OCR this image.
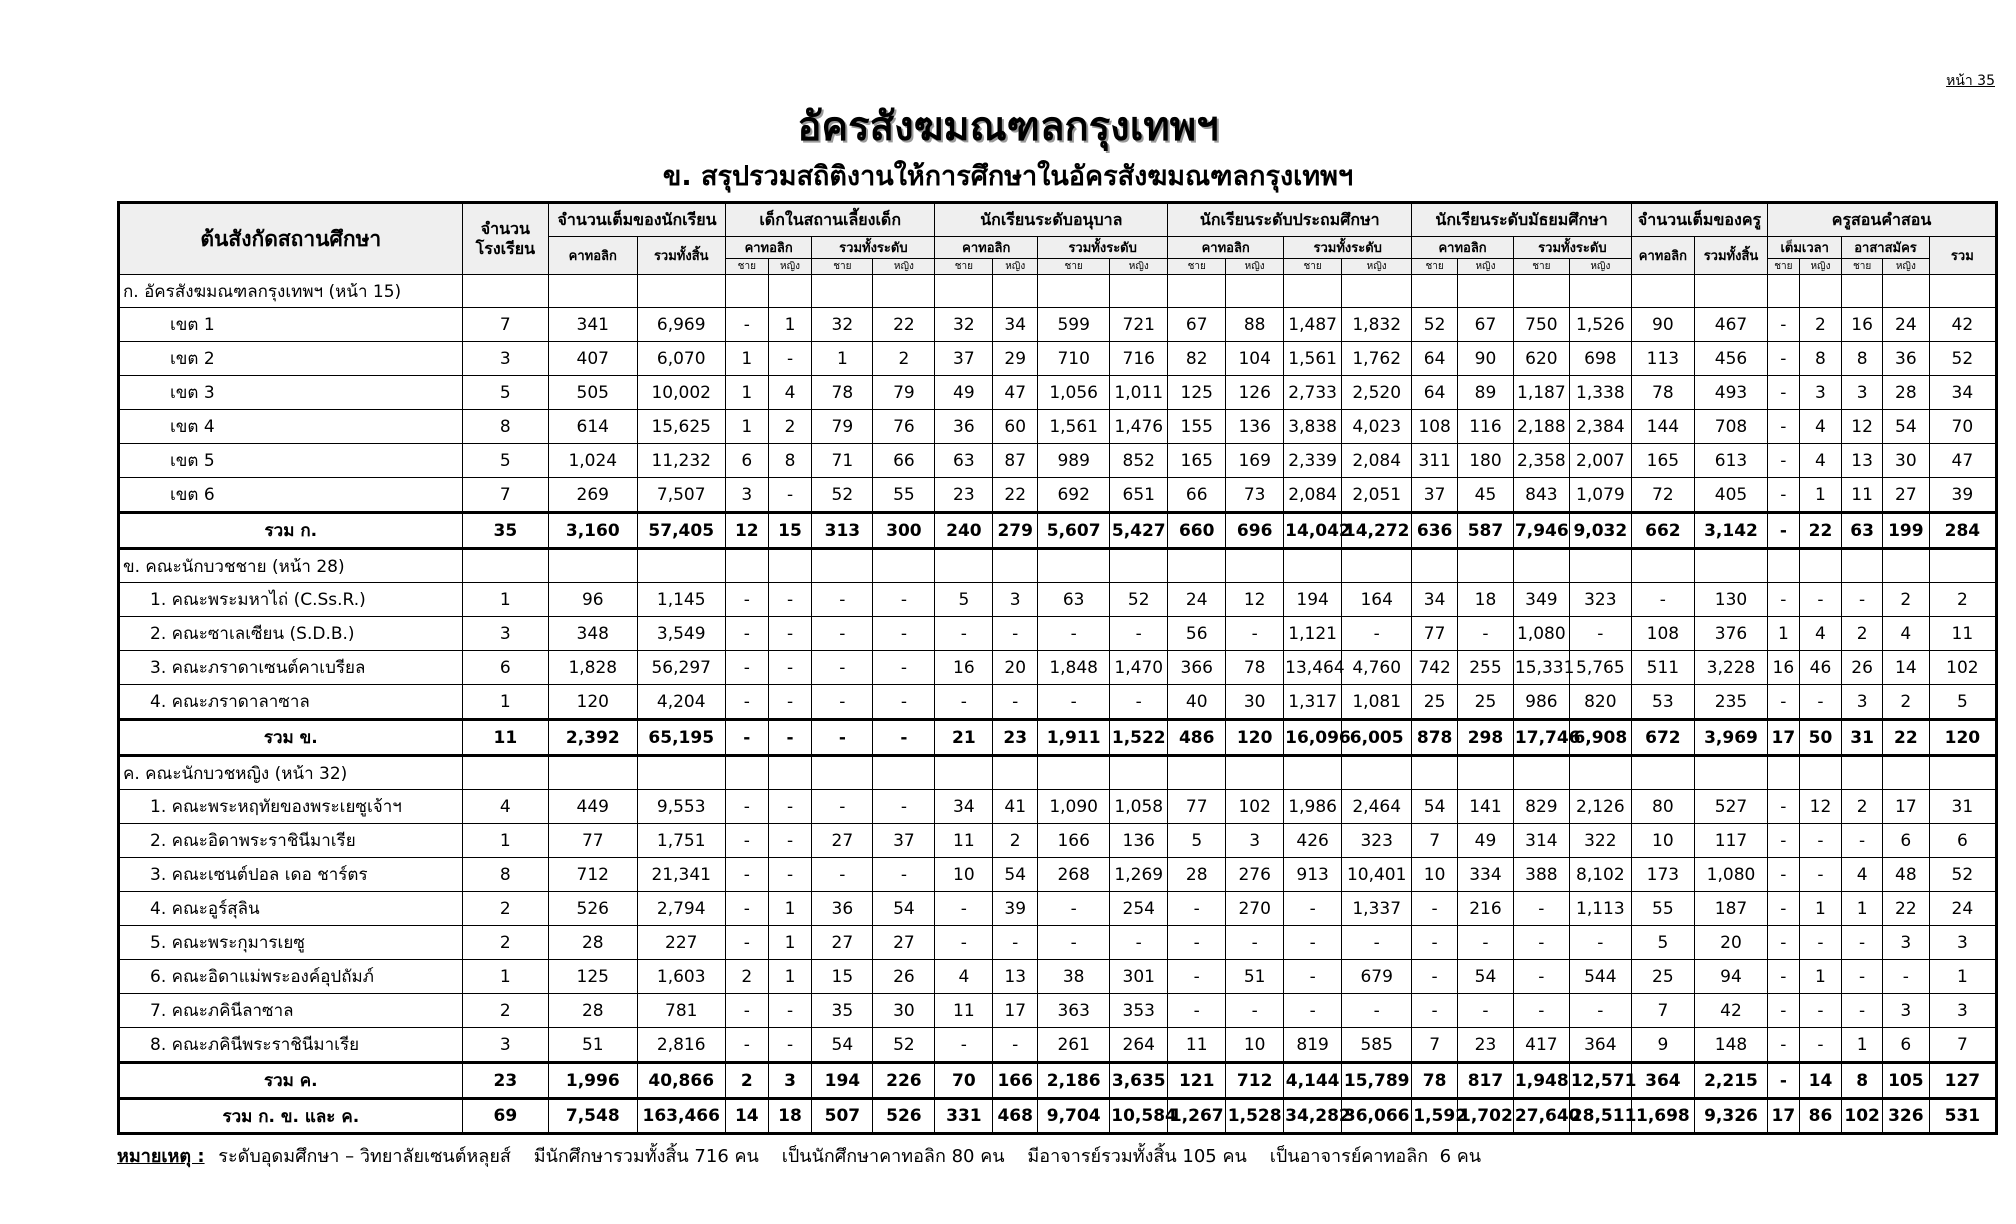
หน้า 35
อัครสังฆมณฑลกรุงเทพฯ
ข. สรุปรวมสถิติงานให้การศึกษาในอัครสังฆมณฑลกรุงเทพฯ
ต้นสังกัดสถานศึกษา	จำนวนโรงเรียน	จำนวนเต็มของนักเรียน		เด็กในสถานเลี้ยงเด็ก				นักเรียนระดับอนุบาล				นักเรียนระดับประถมศึกษา				นักเรียนระดับมัธยมศึกษา				จำนวนเต็มของครู		ครูสอนคำสอน				
		คาทอลิก	รวมทั้งสิ้น	คาทอลิก		รวมทั้งระดับ		คาทอลิก		รวมทั้งระดับ		คาทอลิก		รวมทั้งระดับ		คาทอลิก		รวมทั้งระดับ		คาทอลิก	รวมทั้งสิ้น	เต็มเวลา		อาสาสมัคร		รวม
				ชาย	หญิง	ชาย	หญิง	ชาย	หญิง	ชาย	หญิง	ชาย	หญิง	ชาย	หญิง	ชาย	หญิง	ชาย	หญิง			ชาย	หญิง	ชาย	หญิง	
ก. อัครสังฆมณฑลกรุงเทพฯ (หน้า 15)																										
เขต 1	7	341	6,969	-	1	32	22	32	34	599	721	67	88	1,487	1,832	52	67	750	1,526	90	467	-	2	16	24	42
เขต 2	3	407	6,070	1	-	1	2	37	29	710	716	82	104	1,561	1,762	64	90	620	698	113	456	-	8	8	36	52
เขต 3	5	505	10,002	1	4	78	79	49	47	1,056	1,011	125	126	2,733	2,520	64	89	1,187	1,338	78	493	-	3	3	28	34
เขต 4	8	614	15,625	1	2	79	76	36	60	1,561	1,476	155	136	3,838	4,023	108	116	2,188	2,384	144	708	-	4	12	54	70
เขต 5	5	1,024	11,232	6	8	71	66	63	87	989	852	165	169	2,339	2,084	311	180	2,358	2,007	165	613	-	4	13	30	47
เขต 6	7	269	7,507	3	-	52	55	23	22	692	651	66	73	2,084	2,051	37	45	843	1,079	72	405	-	1	11	27	39
รวม ก.	35	3,160	57,405	12	15	313	300	240	279	5,607	5,427	660	696	14,042	14,272	636	587	7,946	9,032	662	3,142	-	22	63	199	284
ข. คณะนักบวชชาย (หน้า 28)																										
1. คณะพระมหาไถ่ (C.Ss.R.)	1	96	1,145	-	-	-	-	5	3	63	52	24	12	194	164	34	18	349	323	-	130	-	-	-	2	2
2. คณะซาเลเซียน (S.D.B.)	3	348	3,549	-	-	-	-	-	-	-	-	56	-	1,121	-	77	-	1,080	-	108	376	1	4	2	4	11
3. คณะภราดาเซนต์คาเบรียล	6	1,828	56,297	-	-	-	-	16	20	1,848	1,470	366	78	13,464	4,760	742	255	15,331	5,765	511	3,228	16	46	26	14	102
4. คณะภราดาลาซาล	1	120	4,204	-	-	-	-	-	-	-	-	40	30	1,317	1,081	25	25	986	820	53	235	-	-	3	2	5
รวม ข.	11	2,392	65,195	-	-	-	-	21	23	1,911	1,522	486	120	16,096	6,005	878	298	17,746	6,908	672	3,969	17	50	31	22	120
ค. คณะนักบวชหญิง (หน้า 32)																										
1. คณะพระหฤทัยของพระเยซูเจ้าฯ	4	449	9,553	-	-	-	-	34	41	1,090	1,058	77	102	1,986	2,464	54	141	829	2,126	80	527	-	12	2	17	31
2. คณะอิดาพระราชินีมาเรีย	1	77	1,751	-	-	27	37	11	2	166	136	5	3	426	323	7	49	314	322	10	117	-	-	-	6	6
3. คณะเซนต์ปอล เดอ ชาร์ตร	8	712	21,341	-	-	-	-	10	54	268	1,269	28	276	913	10,401	10	334	388	8,102	173	1,080	-	-	4	48	52
4. คณะอูร์สุลิน	2	526	2,794	-	1	36	54	-	39	-	254	-	270	-	1,337	-	216	-	1,113	55	187	-	1	1	22	24
5. คณะพระกุมารเยซู	2	28	227	-	1	27	27	-	-	-	-	-	-	-	-	-	-	-	-	5	20	-	-	-	3	3
6. คณะอิดาแม่พระองค์อุปถัมภ์	1	125	1,603	2	1	15	26	4	13	38	301	-	51	-	679	-	54	-	544	25	94	-	1	-	-	1
7. คณะภคินีลาซาล	2	28	781	-	-	35	30	11	17	363	353	-	-	-	-	-	-	-	-	7	42	-	-	-	3	3
8. คณะภคินีพระราชินีมาเรีย	3	51	2,816	-	-	54	52	-	-	261	264	11	10	819	585	7	23	417	364	9	148	-	-	1	6	7
รวม ค.	23	1,996	40,866	2	3	194	226	70	166	2,186	3,635	121	712	4,144	15,789	78	817	1,948	12,571	364	2,215	-	14	8	105	127
รวม ก. ข. และ ค.	69	7,548	163,466	14	18	507	526	331	468	9,704	10,584	1,267	1,528	34,282	36,066	1,592	1,702	27,640	28,511	1,698	9,326	17	86	102	326	531
หมายเหตุ : ระดับอุดมศึกษา – วิทยาลัยเซนต์หลุยส์    มีนักศึกษารวมทั้งสิ้น 716 คน    เป็นนักศึกษาคาทอลิก 80 คน    มีอาจารย์รวมทั้งสิ้น 105 คน    เป็นอาจารย์คาทอลิก  6 คน
